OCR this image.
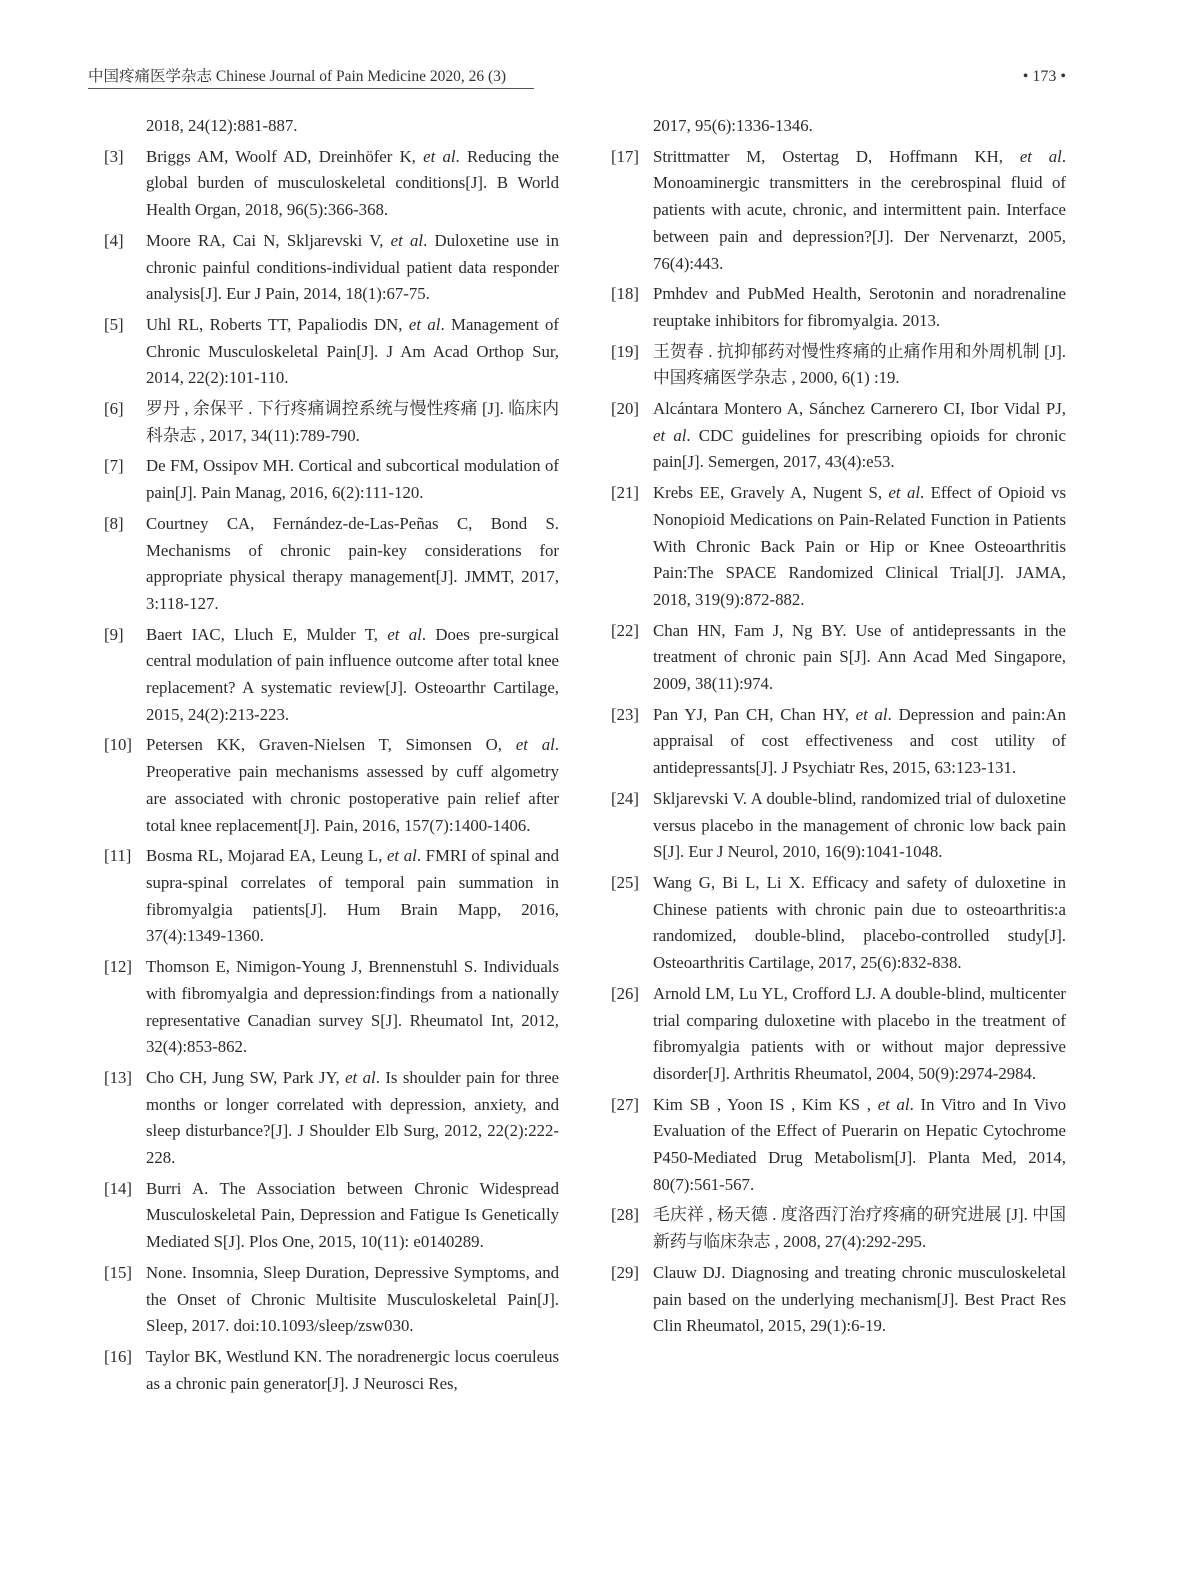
中国疼痛医学杂志 Chinese Journal of Pain Medicine 2020, 26 (3)	• 173 •
2018, 24(12):881-887.
[3] Briggs AM, Woolf AD, Dreinhöfer K, et al. Reducing the global burden of musculoskeletal conditions[J]. B World Health Organ, 2018, 96(5):366-368.
[4] Moore RA, Cai N, Skljarevski V, et al. Duloxetine use in chronic painful conditions-individual patient data responder analysis[J]. Eur J Pain, 2014, 18(1):67-75.
[5] Uhl RL, Roberts TT, Papaliodis DN, et al. Management of Chronic Musculoskeletal Pain[J]. J Am Acad Orthop Sur, 2014, 22(2):101-110.
[6] 罗丹 , 余保平 . 下行疼痛调控系统与慢性疼痛 [J]. 临床内科杂志 , 2017, 34(11):789-790.
[7] De FM, Ossipov MH. Cortical and subcortical modulation of pain[J]. Pain Manag, 2016, 6(2):111-120.
[8] Courtney CA, Fernández-de-Las-Peñas C, Bond S. Mechanisms of chronic pain-key considerations for appropriate physical therapy management[J]. JMMT, 2017, 3:118-127.
[9] Baert IAC, Lluch E, Mulder T, et al. Does pre-surgical central modulation of pain influence outcome after total knee replacement? A systematic review[J]. Osteoarthr Cartilage, 2015, 24(2):213-223.
[10] Petersen KK, Graven-Nielsen T, Simonsen O, et al. Preoperative pain mechanisms assessed by cuff algometry are associated with chronic postoperative pain relief after total knee replacement[J]. Pain, 2016, 157(7):1400-1406.
[11] Bosma RL, Mojarad EA, Leung L, et al. FMRI of spinal and supra-spinal correlates of temporal pain summation in fibromyalgia patients[J]. Hum Brain Mapp, 2016, 37(4):1349-1360.
[12] Thomson E, Nimigon-Young J, Brennenstuhl S. Individuals with fibromyalgia and depression:findings from a nationally representative Canadian survey S[J]. Rheumatol Int, 2012, 32(4):853-862.
[13] Cho CH, Jung SW, Park JY, et al. Is shoulder pain for three months or longer correlated with depression, anxiety, and sleep disturbance?[J]. J Shoulder Elb Surg, 2012, 22(2):222-228.
[14] Burri A. The Association between Chronic Widespread Musculoskeletal Pain, Depression and Fatigue Is Genetically Mediated S[J]. Plos One, 2015, 10(11): e0140289.
[15] None. Insomnia, Sleep Duration, Depressive Symptoms, and the Onset of Chronic Multisite Musculoskeletal Pain[J]. Sleep, 2017. doi:10.1093/sleep/zsw030.
[16] Taylor BK, Westlund KN. The noradrenergic locus coeruleus as a chronic pain generator[J]. J Neurosci Res,
2017, 95(6):1336-1346.
[17] Strittmatter M, Ostertag D, Hoffmann KH, et al. Monoaminergic transmitters in the cerebrospinal fluid of patients with acute, chronic, and intermittent pain. Interface between pain and depression?[J]. Der Nervenarzt, 2005, 76(4):443.
[18] Pmhdev and PubMed Health, Serotonin and noradrenaline reuptake inhibitors for fibromyalgia. 2013.
[19] 王贺春 . 抗抑郁药对慢性疼痛的止痛作用和外周机制 [J]. 中国疼痛医学杂志 , 2000, 6(1) :19.
[20] Alcántara Montero A, Sánchez Carnerero CI, Ibor Vidal PJ, et al. CDC guidelines for prescribing opioids for chronic pain[J]. Semergen, 2017, 43(4):e53.
[21] Krebs EE, Gravely A, Nugent S, et al. Effect of Opioid vs Nonopioid Medications on Pain-Related Function in Patients With Chronic Back Pain or Hip or Knee Osteoarthritis Pain:The SPACE Randomized Clinical Trial[J]. JAMA, 2018, 319(9):872-882.
[22] Chan HN, Fam J, Ng BY. Use of antidepressants in the treatment of chronic pain S[J]. Ann Acad Med Singapore, 2009, 38(11):974.
[23] Pan YJ, Pan CH, Chan HY, et al. Depression and pain:An appraisal of cost effectiveness and cost utility of antidepressants[J]. J Psychiatr Res, 2015, 63:123-131.
[24] Skljarevski V. A double-blind, randomized trial of duloxetine versus placebo in the management of chronic low back pain S[J]. Eur J Neurol, 2010, 16(9):1041-1048.
[25] Wang G, Bi L, Li X. Efficacy and safety of duloxetine in Chinese patients with chronic pain due to osteoarthritis:a randomized, double-blind, placebo-controlled study[J]. Osteoarthritis Cartilage, 2017, 25(6):832-838.
[26] Arnold LM, Lu YL, Crofford LJ. A double-blind, multicenter trial comparing duloxetine with placebo in the treatment of fibromyalgia patients with or without major depressive disorder[J]. Arthritis Rheumatol, 2004, 50(9):2974-2984.
[27] Kim SB , Yoon IS , Kim KS , et al. In Vitro and In Vivo Evaluation of the Effect of Puerarin on Hepatic Cytochrome P450-Mediated Drug Metabolism[J]. Planta Med, 2014, 80(7):561-567.
[28] 毛庆祥 , 杨天德 . 度洛西汀治疗疼痛的研究进展 [J]. 中国新药与临床杂志 , 2008, 27(4):292-295.
[29] Clauw DJ. Diagnosing and treating chronic musculoskeletal pain based on the underlying mechanism[J]. Best Pract Res Clin Rheumatol, 2015, 29(1):6-19.
